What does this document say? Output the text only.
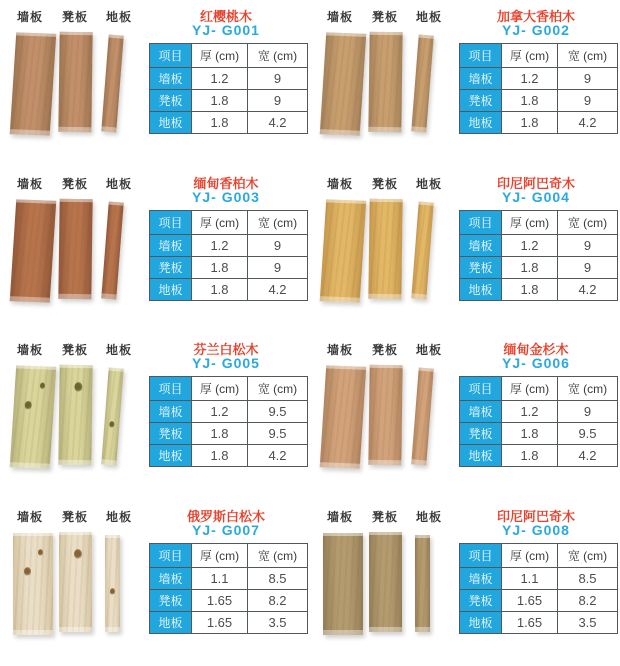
墙板 凳板 地板	红樱桃木
YJ- G001
项目	厚 (cm)	宽 (cm)
墙板	1.2	9
凳板	1.8	9
地板	1.8	4.2
墙板 凳板 地板	加拿大香柏木
YJ- G002
项目	厚 (cm)	宽 (cm)
墙板	1.2	9
凳板	1.8	9
地板	1.8	4.2
墙板 凳板 地板	缅甸香柏木
YJ- G003
项目	厚 (cm)	宽 (cm)
墙板	1.2	9
凳板	1.8	9
地板	1.8	4.2
墙板 凳板 地板	印尼阿巴奇木
YJ- G004
项目	厚 (cm)	宽 (cm)
墙板	1.2	9
凳板	1.8	9
地板	1.8	4.2
墙板 凳板 地板	芬兰白松木
YJ- G005
项目	厚 (cm)	宽 (cm)
墙板	1.2	9.5
凳板	1.8	9.5
地板	1.8	4.2
墙板 凳板 地板	缅甸金杉木
YJ- G006
项目	厚 (cm)	宽 (cm)
墙板	1.2	9
凳板	1.8	9.5
地板	1.8	4.2
墙板 凳板 地板	俄罗斯白松木
YJ- G007
项目	厚 (cm)	宽 (cm)
墙板	1.1	8.5
凳板	1.65	8.2
地板	1.65	3.5
墙板 凳板 地板	印尼阿巴奇木
YJ- G008
项目	厚 (cm)	宽 (cm)
墙板	1.1	8.5
凳板	1.65	8.2
地板	1.65	3.5
